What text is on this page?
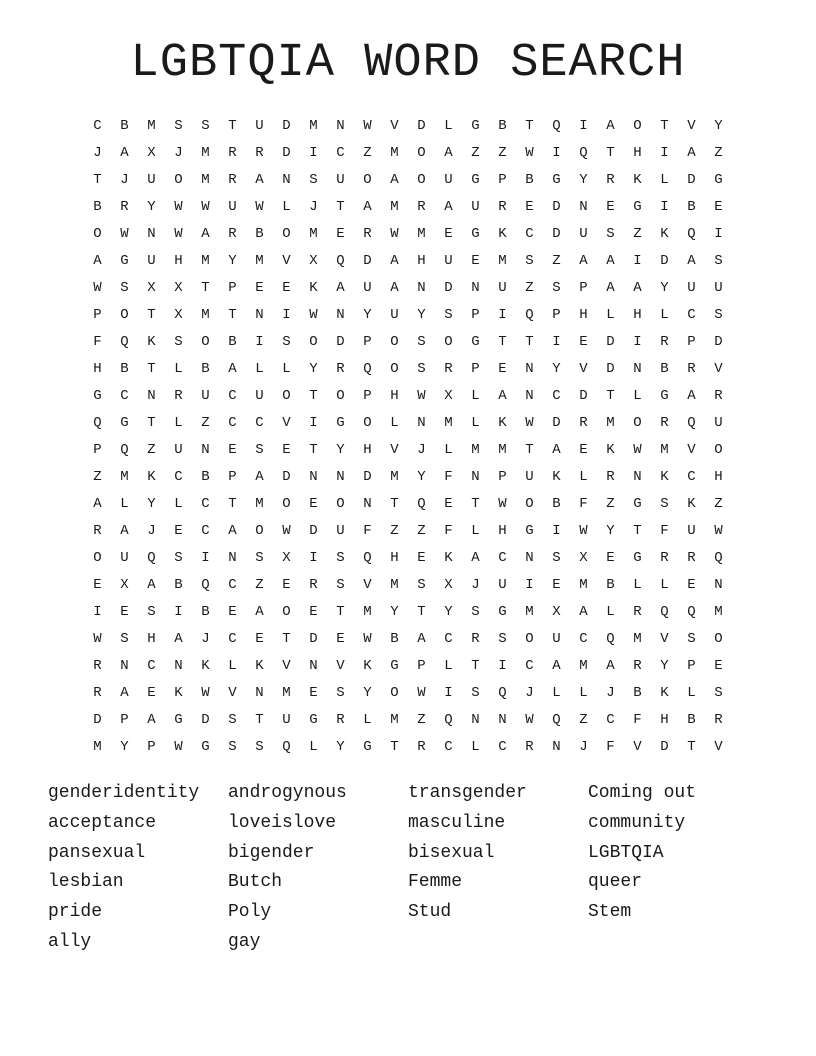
LGBTQIA WORD SEARCH
C	B	M	S	S	T	U	D	M	N	W	V	D	L	G	B	T	Q	I	A	O	T	V	Y
J	A	X	J	M	R	R	D	I	C	Z	M	O	A	Z	Z	W	I	Q	T	H	I	A	Z
T	J	U	O	M	R	A	N	S	U	O	A	O	U	G	P	B	G	Y	R	K	L	D	G
B	R	Y	W	W	U	W	L	J	T	A	M	R	A	U	R	E	D	N	E	G	I	B	E
O	W	N	W	A	R	B	O	M	E	R	W	M	E	G	K	C	D	U	S	Z	K	Q	I
A	G	U	H	M	Y	M	V	X	Q	D	A	H	U	E	M	S	Z	A	A	I	D	A	S
W	S	X	X	T	P	E	E	K	A	U	A	N	D	N	U	Z	S	P	A	A	Y	U	U
P	O	T	X	M	T	N	I	W	N	Y	U	Y	S	P	I	Q	P	H	L	H	L	C	S
F	Q	K	S	O	B	I	S	O	D	P	O	S	O	G	T	T	I	E	D	I	R	P	D
H	B	T	L	B	A	L	L	Y	R	Q	O	S	R	P	E	N	Y	V	D	N	B	R	V
G	C	N	R	U	C	U	O	T	O	P	H	W	X	L	A	N	C	D	T	L	G	A	R
Q	G	T	L	Z	C	C	V	I	G	O	L	N	M	L	K	W	D	R	M	O	R	Q	U
P	Q	Z	U	N	E	S	E	T	Y	H	V	J	L	M	M	T	A	E	K	W	M	V	O
Z	M	K	C	B	P	A	D	N	N	D	M	Y	F	N	P	U	K	L	R	N	K	C	H
A	L	Y	L	C	T	M	O	E	O	N	T	Q	E	T	W	O	B	F	Z	G	S	K	Z
R	A	J	E	C	A	O	W	D	U	F	Z	Z	F	L	H	G	I	W	Y	T	F	U	W
O	U	Q	S	I	N	S	X	I	S	Q	H	E	K	A	C	N	S	X	E	G	R	R	Q
E	X	A	B	Q	C	Z	E	R	S	V	M	S	X	J	U	I	E	M	B	L	L	E	N
I	E	S	I	B	E	A	O	E	T	M	Y	T	Y	S	G	M	X	A	L	R	Q	Q	M
W	S	H	A	J	C	E	T	D	E	W	B	A	C	R	S	O	U	C	Q	M	V	S	O
R	N	C	N	K	L	K	V	N	V	K	G	P	L	T	I	C	A	M	A	R	Y	P	E
R	A	E	K	W	V	N	M	E	S	Y	O	W	I	S	Q	J	L	L	J	B	K	L	S
D	P	A	G	D	S	T	U	G	R	L	M	Z	Q	N	N	W	Q	Z	C	F	H	B	R
M	Y	P	W	G	S	S	Q	L	Y	G	T	R	C	L	C	R	N	J	F	V	D	T	V
genderidentity	androgynous	transgender	Coming out
acceptance	loveislove	masculine	community
pansexual	bigender	bisexual	LGBTQIA
lesbian	Butch	Femme	queer
pride	Poly	Stud	Stem
ally	gay
